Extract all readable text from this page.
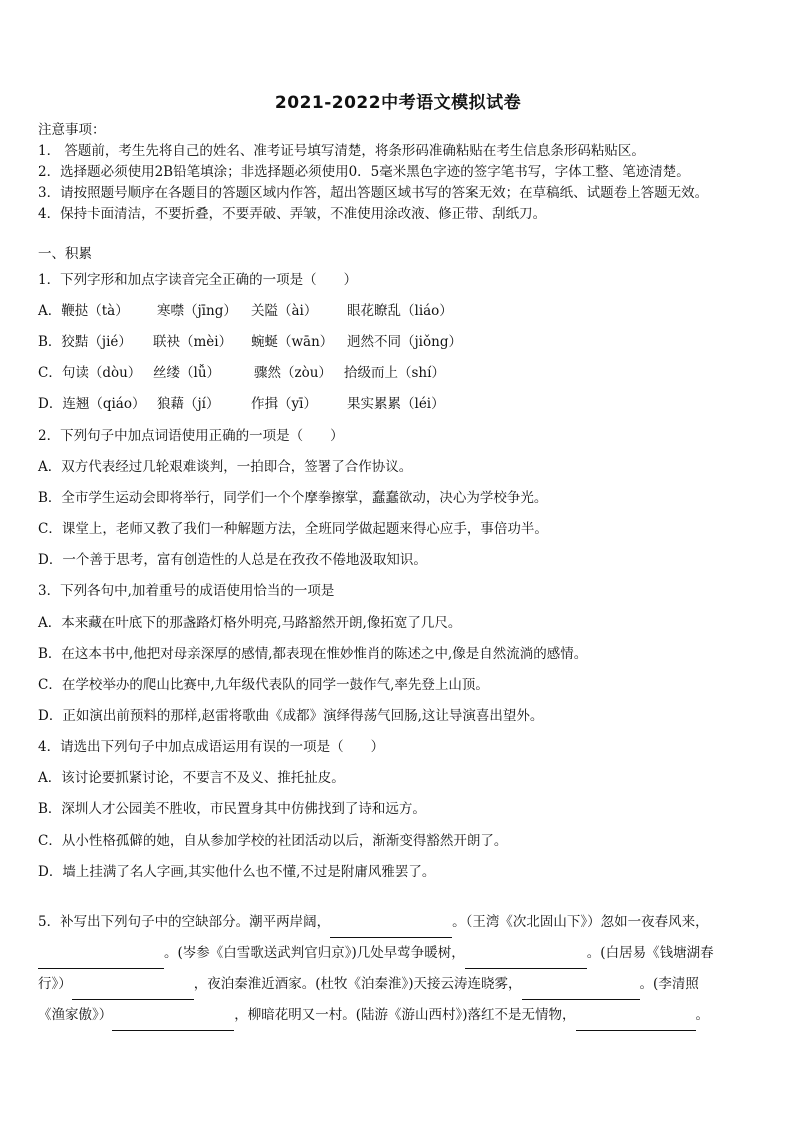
2021-2022中考语文模拟试卷
注意事项：
1． 答题前，考生先将自己的姓名、准考证号填写清楚，将条形码准确粘贴在考生信息条形码粘贴区。
2．选择题必须使用2B铅笔填涂；非选择题必须使用0．5毫米黑色字迹的签字笔书写，字体工整、笔迹清楚。
3．请按照题号顺序在各题目的答题区域内作答，超出答题区域书写的答案无效；在草稿纸、试题卷上答题无效。
4．保持卡面清洁，不要折叠，不要弄破、弄皱，不准使用涂改液、修正带、刮纸刀。
一、积累
1．下列字形和加点字读音完全正确的一项是（　　）
A．鞭挞（tà） 寒噤（jīng） 关隘（ài） 眼花瞭乱（liáo）
B．狡黠（jié） 联袂（mèi） 蜿蜒（wān） 迥然不同（jiǒng）
C．句读（dòu） 丝缕（lǚ）	骤然（zòu） 拾级而上（shí）
D．连翘（qiáo） 狼藉（jí） 作揖（yī） 果实累累（léi）
2．下列句子中加点词语使用正确的一项是（　　）
A．双方代表经过几轮艰难谈判，一拍即合，签署了合作协议。
B．全市学生运动会即将举行，同学们一个个摩拳擦掌，蠢蠢欲动，决心为学校争光。
C．课堂上，老师又教了我们一种解题方法，全班同学做起题来得心应手，事倍功半。
D．一个善于思考，富有创造性的人总是在孜孜不倦地汲取知识。
3．下列各句中,加着重号的成语使用恰当的一项是
A．本来藏在叶底下的那盏路灯格外明亮,马路豁然开朗,像拓宽了几尺。
B．在这本书中,他把对母亲深厚的感情,都表现在惟妙惟肖的陈述之中,像是自然流淌的感情。
C．在学校举办的爬山比赛中,九年级代表队的同学一鼓作气,率先登上山顶。
D．正如演出前预料的那样,赵雷将歌曲《成都》演绎得荡气回肠,这让导演喜出望外。
4．请选出下列句子中加点成语运用有误的一项是（　　）
A．该讨论要抓紧讨论，不要言不及义、推托扯皮。
B．深圳人才公园美不胜收，市民置身其中仿佛找到了诗和远方。
C．从小性格孤僻的她，自从参加学校的社团活动以后，渐渐变得豁然开朗了。
D．墙上挂满了名人字画,其实他什么也不懂,不过是附庸风雅罢了。
5．补写出下列句子中的空缺部分。潮平两岸阔，	。（王湾《次北固山下》）忽如一夜春风来，
。(岑参《白雪歌送武判官归京》)几处早莺争暖树，	。(白居易《钱塘湖春
行》）	，夜泊秦淮近酒家。(杜牧《泊秦淮》)天接云涛连晓雾，	。(李清照
《渔家傲》）	，柳暗花明又一村。(陆游《游山西村》)落红不是无情物，	。
